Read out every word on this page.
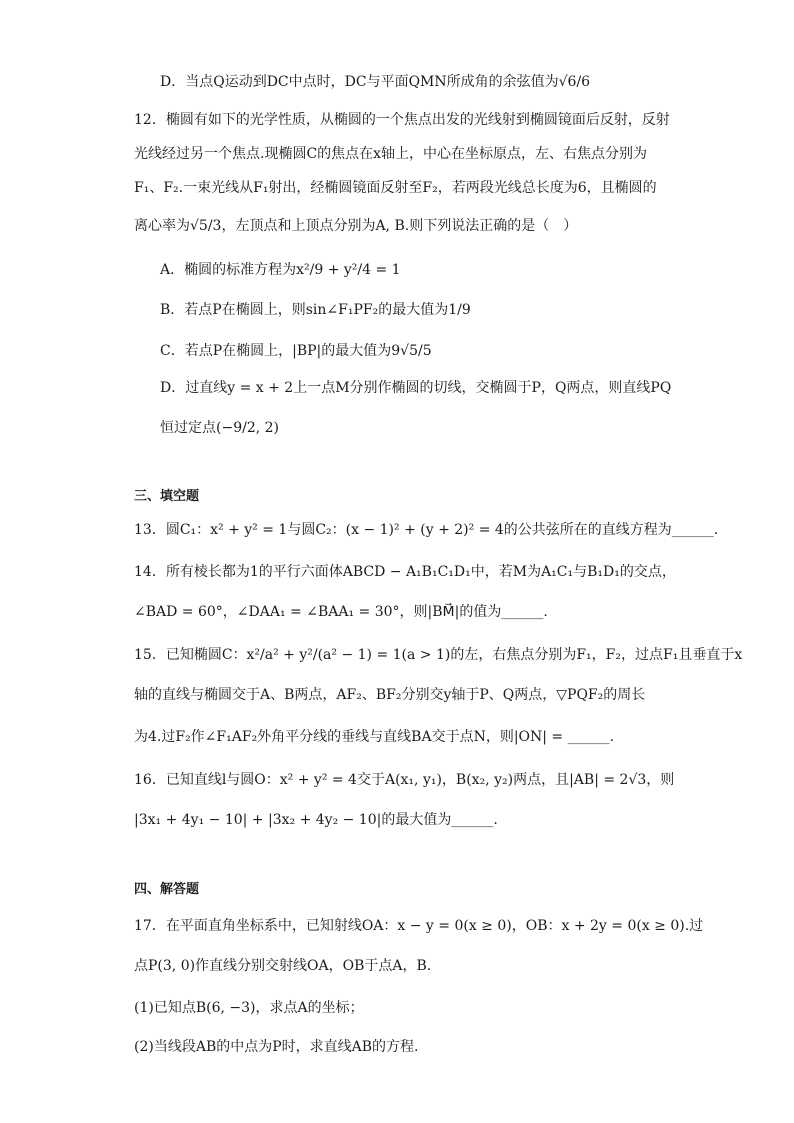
D．当点Q运动到DC中点时，DC与平面QMN所成角的余弦值为√6/6
12．椭圆有如下的光学性质，从椭圆的一个焦点出发的光线射到椭圆镜面后反射，反射
光线经过另一个焦点.现椭圆C的焦点在x轴上，中心在坐标原点，左、右焦点分别为
F₁、F₂.一束光线从F₁射出，经椭圆镜面反射至F₂，若两段光线总长度为6，且椭圆的
离心率为√5/3，左顶点和上顶点分别为A, B.则下列说法正确的是（　）
A．椭圆的标准方程为x²/9 + y²/4 = 1
B．若点P在椭圆上，则sin∠F₁PF₂的最大值为1/9
C．若点P在椭圆上，|BP|的最大值为9√5/5
D．过直线y = x + 2上一点M分别作椭圆的切线，交椭圆于P，Q两点，则直线PQ
恒过定点(−9/2, 2)
三、填空题
13．圆C₁：x² + y² = 1与圆C₂：(x − 1)² + (y + 2)² = 4的公共弦所在的直线方程为______.
14．所有棱长都为1的平行六面体ABCD − A₁B₁C₁D₁中，若M为A₁C₁与B₁D₁的交点，
∠BAD = 60°，∠DAA₁ = ∠BAA₁ = 30°，则|BM⃗|的值为______.
15．已知椭圆C：x²/a² + y²/(a² − 1) = 1(a > 1)的左，右焦点分别为F₁，F₂，过点F₁且垂直于x
轴的直线与椭圆交于A、B两点，AF₂、BF₂分别交y轴于P、Q两点，▽PQF₂的周长
为4.过F₂作∠F₁AF₂外角平分线的垂线与直线BA交于点N，则|ON| = ______.
16．已知直线l与圆O：x² + y² = 4交于A(x₁, y₁)，B(x₂, y₂)两点，且|AB| = 2√3，则
|3x₁ + 4y₁ − 10| + |3x₂ + 4y₂ − 10|的最大值为______.
四、解答题
17．在平面直角坐标系中，已知射线OA：x − y = 0(x ≥ 0)，OB：x + 2y = 0(x ≥ 0).过
点P(3, 0)作直线分别交射线OA，OB于点A，B.
(1)已知点B(6, −3)，求点A的坐标；
(2)当线段AB的中点为P时，求直线AB的方程.
